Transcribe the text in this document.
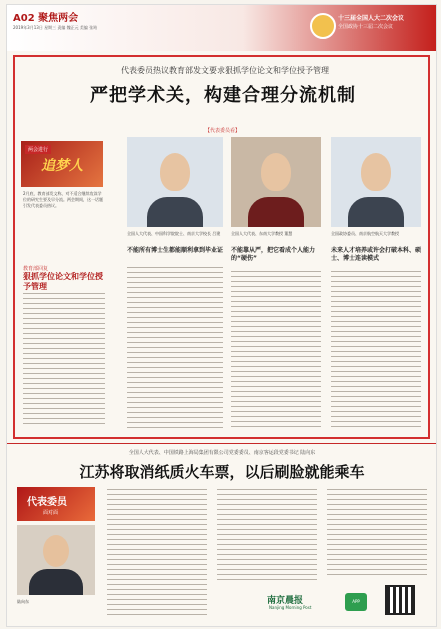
A02 聚焦两会
2019年3月13日 星期三 责编 魏正元 美编 张筠
十三届全国人大二次会议
全国政协十三届二次会议
代表委员热议教育部发文要求狠抓学位论文和学位授予管理
严把学术关，构建合理分流机制
两会进行
追梦人
【代表委员看】
全国人大代表、中国科学院院士、南京大学校长 吕建	全国人大代表、东南大学教授 董慧	全国政协委员、南京航空航天大学教授
2月底，教育部发文称，对不适合继续攻读学位的研究生要及早分流。两会期间，这一话题引发代表委员热议。
教育部回复
狠抓学位论文和学位授予管理
不能所有博士生都能顺利拿到毕业证 不能靠从严，把它看成个人能力的“硬伤”
未来人才培养或许会打破本科、硕士、博士连读模式
全国人大代表、中国铁路上海局集团有限公司党委委员、南京客运段党委书记 陆向东
江苏将取消纸质火车票，以后刷脸就能乘车
代表委员
面对面
陆向东	南京晨报
Nanjing Morning Post
APP
